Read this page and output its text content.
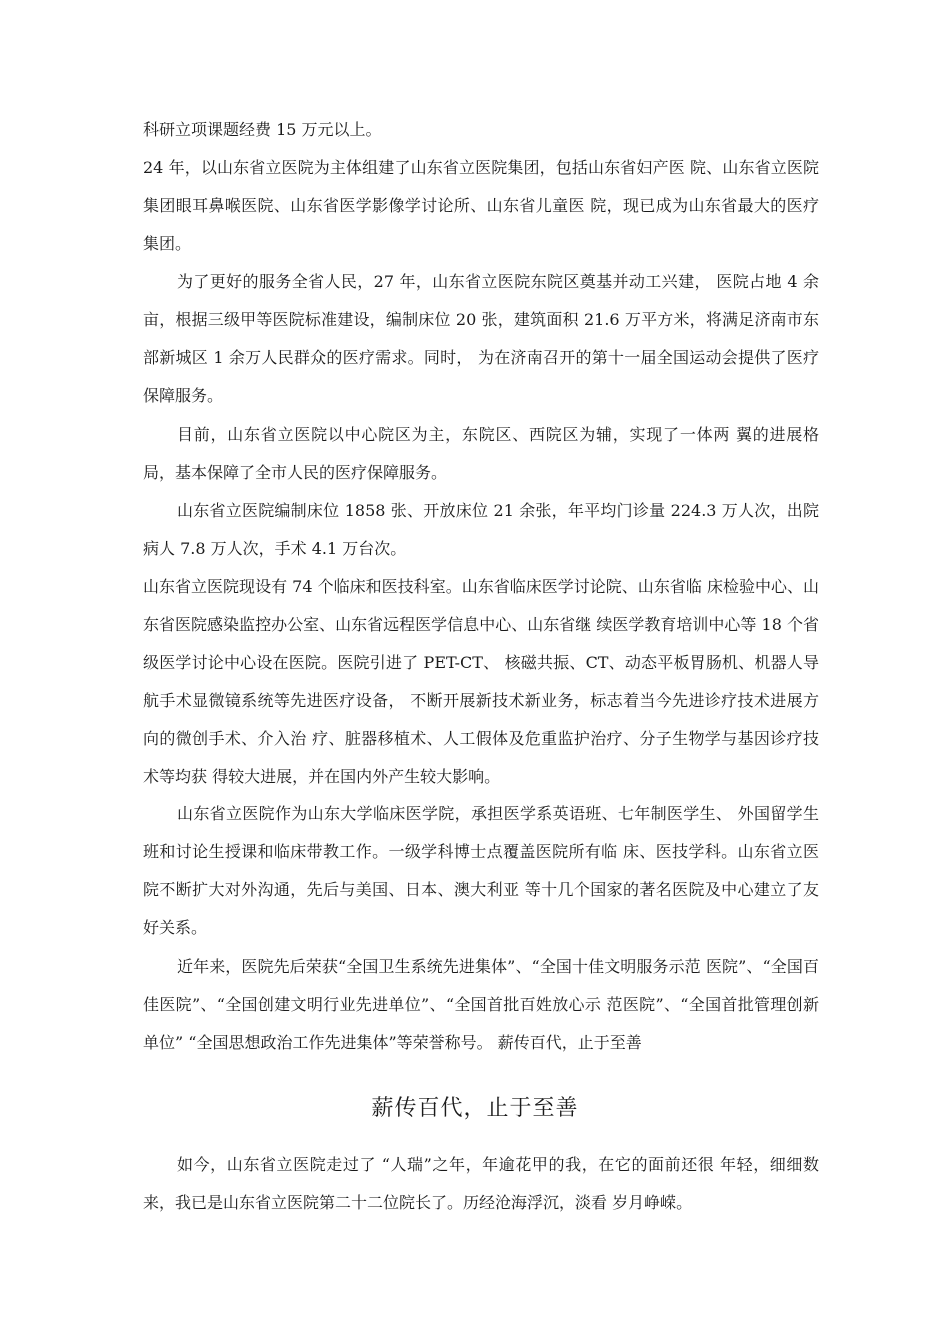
科研立项课题经费 15 万元以上。

24 年，以山东省立医院为主体组建了山东省立医院集团，包括山东省妇产医 院、山东省立医院集团眼耳鼻喉医院、山东省医学影像学讨论所、山东省儿童医 院，现已成为山东省最大的医疗集团。

为了更好的服务全省人民，27 年，山东省立医院东院区奠基并动工兴建， 医院占地 4 余亩，根据三级甲等医院标准建设，编制床位 20 张，建筑面积 21.6 万平方米，将满足济南市东部新城区 1 余万人民群众的医疗需求。同时， 为在济南召开的第十一届全国运动会提供了医疗保障服务。

目前，山东省立医院以中心院区为主，东院区、西院区为辅，实现了一体两 翼的进展格局，基本保障了全市人民的医疗保障服务。

山东省立医院编制床位 1858 张、开放床位 21 余张，年平均门诊量 224.3 万人次，出院病人 7.8 万人次，手术 4.1 万台次。

山东省立医院现设有 74 个临床和医技科室。山东省临床医学讨论院、山东省临 床检验中心、山东省医院感染监控办公室、山东省远程医学信息中心、山东省继 续医学教育培训中心等 18 个省级医学讨论中心设在医院。医院引进了 PET-CT、 核磁共振、CT、动态平板胃肠机、机器人导航手术显微镜系统等先进医疗设备， 不断开展新技术新业务，标志着当今先进诊疗技术进展方向的微创手术、介入治 疗、脏器移植术、人工假体及危重监护治疗、分子生物学与基因诊疗技术等均获 得较大进展，并在国内外产生较大影响。

山东省立医院作为山东大学临床医学院，承担医学系英语班、七年制医学生、 外国留学生班和讨论生授课和临床带教工作。一级学科博士点覆盖医院所有临 床、医技学科。山东省立医院不断扩大对外沟通，先后与美国、日本、澳大利亚 等十几个国家的著名医院及中心建立了友好关系。

近年来，医院先后荣获“全国卫生系统先进集体”、“全国十佳文明服务示范 医院”、“全国百佳医院”、“全国创建文明行业先进单位”、“全国首批百姓放心示 范医院”、“全国首批管理创新单位” “全国思想政治工作先进集体”等荣誉称号。 薪传百代，止于至善

薪传百代，止于至善

如今，山东省立医院走过了 “人瑞”之年，年逾花甲的我，在它的面前还很 年轻，细细数来，我已是山东省立医院第二十二位院长了。历经沧海浮沉，淡看 岁月峥嵘。
